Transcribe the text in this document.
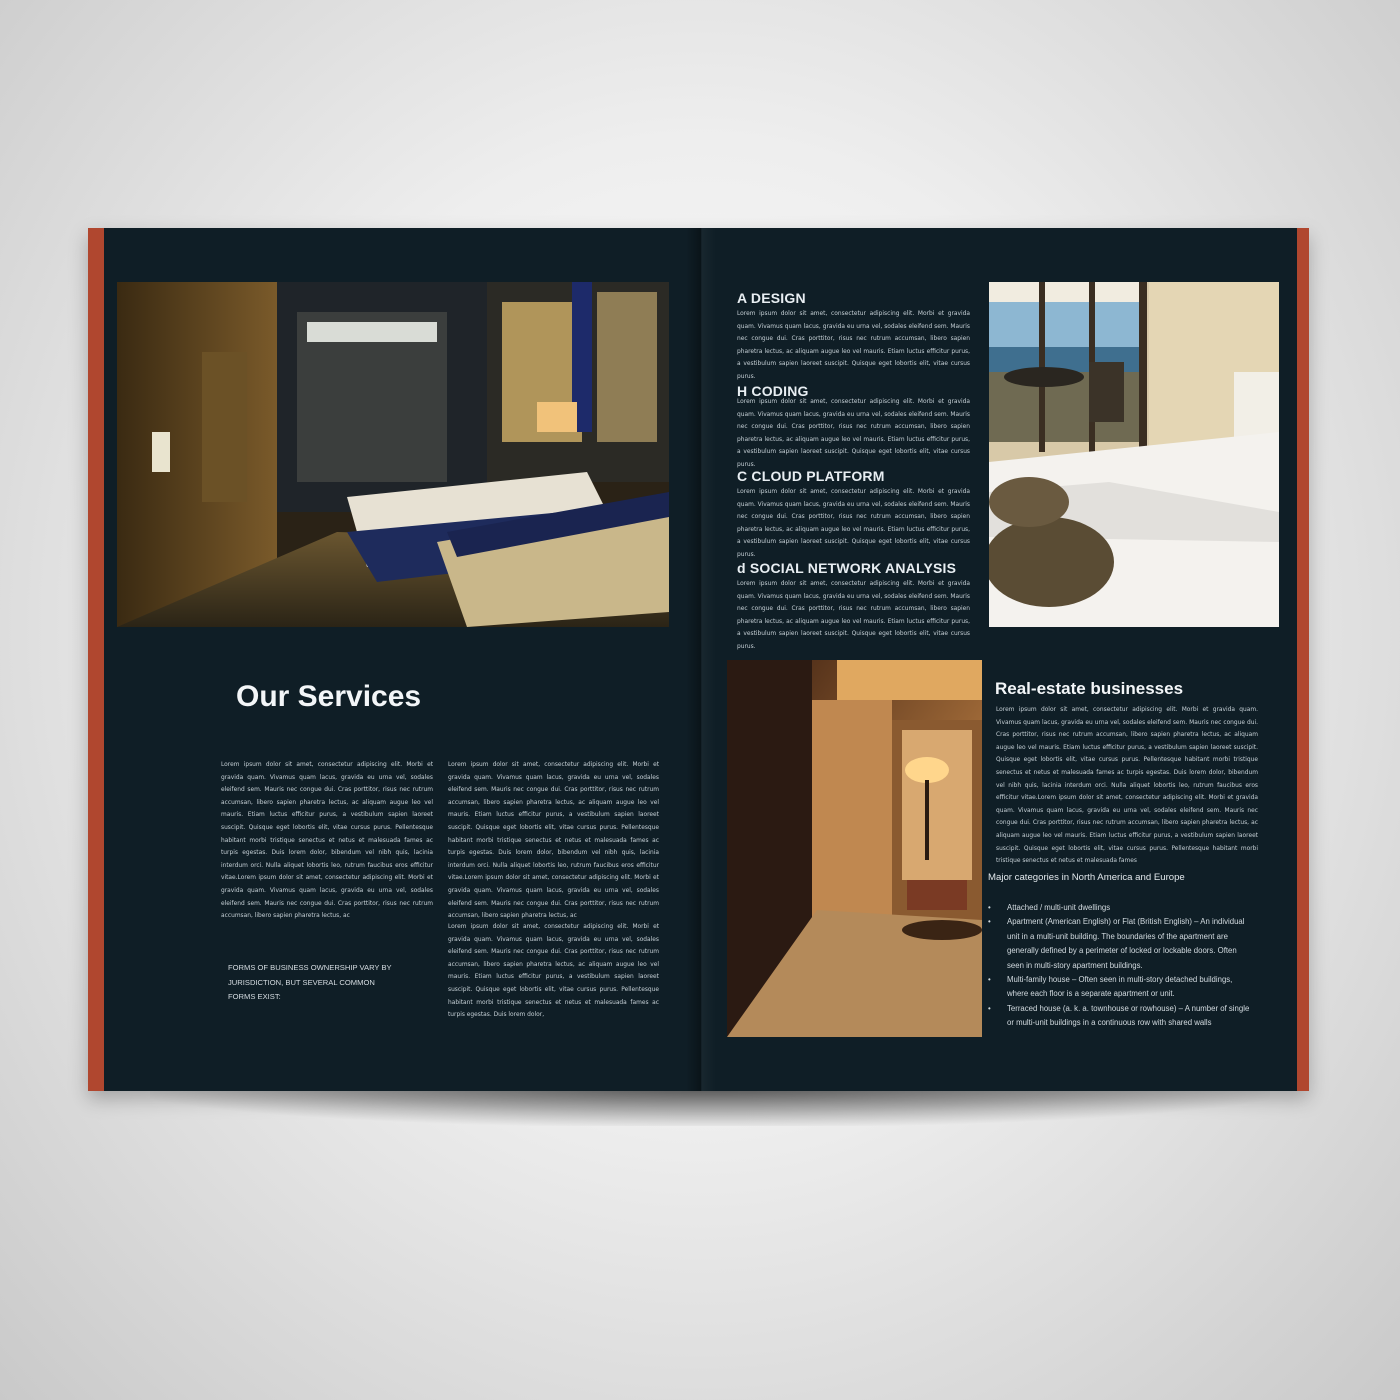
Our Services

Lorem ipsum dolor sit amet, consectetur adipiscing elit. Morbi et gravida quam. Vivamus quam lacus, gravida eu urna vel, sodales eleifend sem. Mauris nec congue dui. Cras porttitor, risus nec rutrum accumsan, libero sapien pharetra lectus, ac aliquam augue leo vel mauris. Etiam luctus efficitur purus, a vestibulum sapien laoreet suscipit. Quisque eget lobortis elit, vitae cursus purus. Pellentesque habitant morbi tristique senectus et netus et malesuada fames ac turpis egestas. Duis lorem dolor, bibendum vel nibh quis, lacinia interdum orci. Nulla aliquet lobortis leo, rutrum faucibus eros efficitur vitae.Lorem ipsum dolor sit amet, consectetur adipiscing elit. Morbi et gravida quam. Vivamus quam lacus, gravida eu urna vel, sodales eleifend sem. Mauris nec congue dui. Cras porttitor, risus nec rutrum accumsan, libero sapien pharetra lectus, ac

Lorem ipsum dolor sit amet, consectetur adipiscing elit. Morbi et gravida quam. Vivamus quam lacus, gravida eu urna vel, sodales eleifend sem. Mauris nec congue dui. Cras porttitor, risus nec rutrum accumsan, libero sapien pharetra lectus, ac aliquam augue leo vel mauris. Etiam luctus efficitur purus, a vestibulum sapien laoreet suscipit. Quisque eget lobortis elit, vitae cursus purus. Pellentesque habitant morbi tristique senectus et netus et malesuada fames ac turpis egestas. Duis lorem dolor, bibendum vel nibh quis, lacinia interdum orci. Nulla aliquet lobortis leo, rutrum faucibus eros efficitur vitae.Lorem ipsum dolor sit amet, consectetur adipiscing elit. Morbi et gravida quam. Vivamus quam lacus, gravida eu urna vel, sodales eleifend sem. Mauris nec congue dui. Cras porttitor, risus nec rutrum accumsan, libero sapien pharetra lectus, ac

Lorem ipsum dolor sit amet, consectetur adipiscing elit. Morbi et gravida quam. Vivamus quam lacus, gravida eu urna vel, sodales eleifend sem. Mauris nec congue dui. Cras porttitor, risus nec rutrum accumsan, libero sapien pharetra lectus, ac aliquam augue leo vel mauris. Etiam luctus efficitur purus, a vestibulum sapien laoreet suscipit. Quisque eget lobortis elit, vitae cursus purus. Pellentesque habitant morbi tristique senectus et netus et malesuada fames ac turpis egestas. Duis lorem dolor,

FORMS OF BUSINESS OWNERSHIP VARY BY JURISDICTION, BUT SEVERAL COMMON FORMS EXIST:

A DESIGN

Lorem ipsum dolor sit amet, consectetur adipiscing elit. Morbi et gravida quam. Vivamus quam lacus, gravida eu urna vel, sodales eleifend sem. Mauris nec congue dui. Cras porttitor, risus nec rutrum accumsan, libero sapien pharetra lectus, ac aliquam augue leo vel mauris. Etiam luctus efficitur purus, a vestibulum sapien laoreet suscipit. Quisque eget lobortis elit, vitae cursus purus.

H CODING

Lorem ipsum dolor sit amet, consectetur adipiscing elit. Morbi et gravida quam. Vivamus quam lacus, gravida eu urna vel, sodales eleifend sem. Mauris nec congue dui. Cras porttitor, risus nec rutrum accumsan, libero sapien pharetra lectus, ac aliquam augue leo vel mauris. Etiam luctus efficitur purus, a vestibulum sapien laoreet suscipit. Quisque eget lobortis elit, vitae cursus purus.

C CLOUD PLATFORM

Lorem ipsum dolor sit amet, consectetur adipiscing elit. Morbi et gravida quam. Vivamus quam lacus, gravida eu urna vel, sodales eleifend sem. Mauris nec congue dui. Cras porttitor, risus nec rutrum accumsan, libero sapien pharetra lectus, ac aliquam augue leo vel mauris. Etiam luctus efficitur purus, a vestibulum sapien laoreet suscipit. Quisque eget lobortis elit, vitae cursus purus.

d SOCIAL NETWORK ANALYSIS

Lorem ipsum dolor sit amet, consectetur adipiscing elit. Morbi et gravida quam. Vivamus quam lacus, gravida eu urna vel, sodales eleifend sem. Mauris nec congue dui. Cras porttitor, risus nec rutrum accumsan, libero sapien pharetra lectus, ac aliquam augue leo vel mauris. Etiam luctus efficitur purus, a vestibulum sapien laoreet suscipit. Quisque eget lobortis elit, vitae cursus purus.

Real-estate businesses

Lorem ipsum dolor sit amet, consectetur adipiscing elit. Morbi et gravida quam. Vivamus quam lacus, gravida eu urna vel, sodales eleifend sem. Mauris nec congue dui. Cras porttitor, risus nec rutrum accumsan, libero sapien pharetra lectus, ac aliquam augue leo vel mauris. Etiam luctus efficitur purus, a vestibulum sapien laoreet suscipit. Quisque eget lobortis elit, vitae cursus purus. Pellentesque habitant morbi tristique senectus et netus et malesuada fames ac turpis egestas. Duis lorem dolor, bibendum vel nibh quis, lacinia interdum orci. Nulla aliquet lobortis leo, rutrum faucibus eros efficitur vitae.Lorem ipsum dolor sit amet, consectetur adipiscing elit. Morbi et gravida quam. Vivamus quam lacus, gravida eu urna vel, sodales eleifend sem. Mauris nec congue dui. Cras porttitor, risus nec rutrum accumsan, libero sapien pharetra lectus, ac aliquam augue leo vel mauris. Etiam luctus efficitur purus, a vestibulum sapien laoreet suscipit. Quisque eget lobortis elit, vitae cursus purus. Pellentesque habitant morbi tristique senectus et netus et malesuada fames

Major categories in North America and Europe
• Attached / multi-unit dwellings
• Apartment (American English) or Flat (British English) – An individual unit in a multi-unit building. The boundaries of the apartment are generally defined by a perimeter of locked or lockable doors. Often seen in multi-story apartment buildings.
• Multi-family house – Often seen in multi-story detached buildings, where each floor is a separate apartment or unit.
• Terraced house (a. k. a. townhouse or rowhouse) – A number of single or multi-unit buildings in a continuous row with shared walls
